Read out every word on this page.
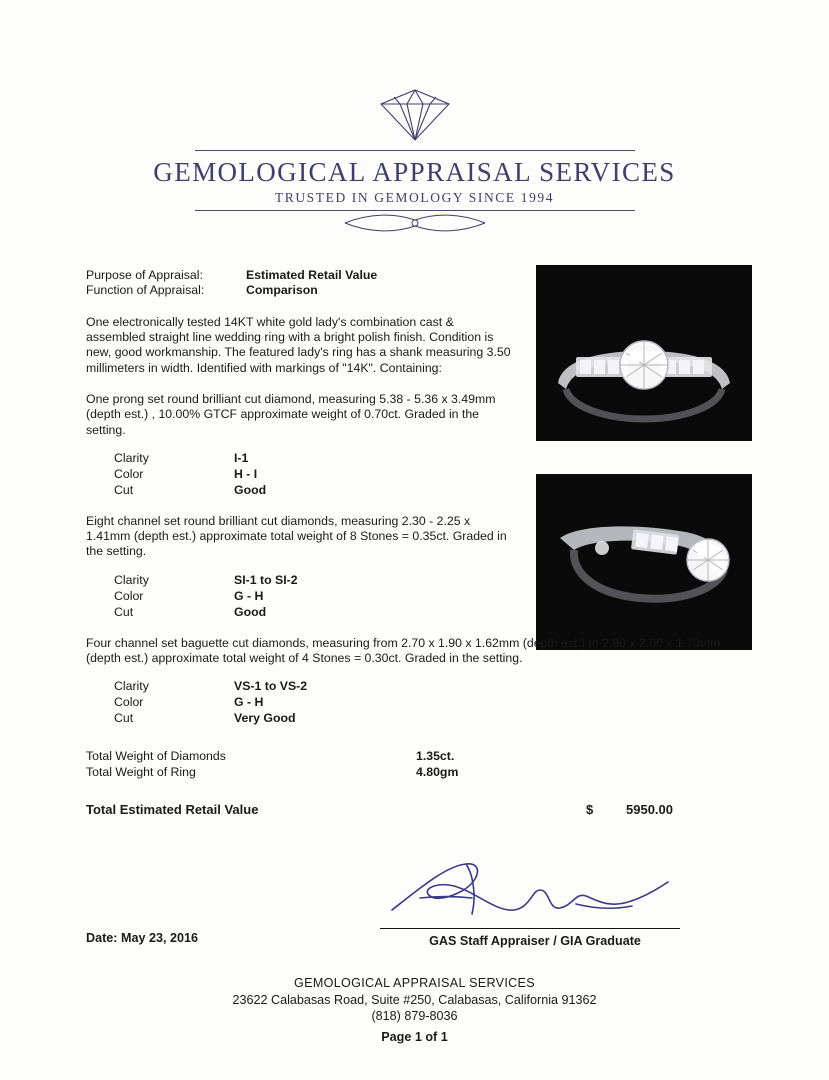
GEMOLOGICAL APPRAISAL SERVICES
TRUSTED IN GEMOLOGY SINCE 1994
Purpose of Appraisal:	Estimated Retail Value
Function of Appraisal:	Comparison
One electronically tested 14KT white gold lady's combination cast & assembled straight line wedding ring with a bright polish finish. Condition is new, good workmanship. The featured lady's ring has a shank measuring 3.50 millimeters in width. Identified with markings of "14K". Containing:
One prong set round brilliant cut diamond, measuring 5.38 - 5.36 x 3.49mm (depth est.) , 10.00% GTCF approximate weight of 0.70ct. Graded in the setting.
Clarity	I-1
Color	H - I
Cut	Good
Eight channel set round brilliant cut diamonds, measuring 2.30 - 2.25 x 1.41mm (depth est.) approximate total weight of 8 Stones = 0.35ct. Graded in the setting.
Clarity	SI-1 to SI-2
Color	G - H
Cut	Good
Four channel set baguette cut diamonds, measuring from 2.70 x 1.90 x 1.62mm (depth est.) to 2.80 x 2.00 x 1.70mm (depth est.) approximate total weight of 4 Stones = 0.30ct. Graded in the setting.
Clarity	VS-1 to VS-2
Color	G - H
Cut	Very Good
Total Weight of Diamonds	1.35ct.
Total Weight of Ring	4.80gm
Total Estimated Retail Value	$	5950.00
GAS Staff Appraiser / GIA Graduate
Date: May 23, 2016
GEMOLOGICAL APPRAISAL SERVICES
23622 Calabasas Road, Suite #250, Calabasas, California 91362
(818) 879-8036
Page 1 of 1
